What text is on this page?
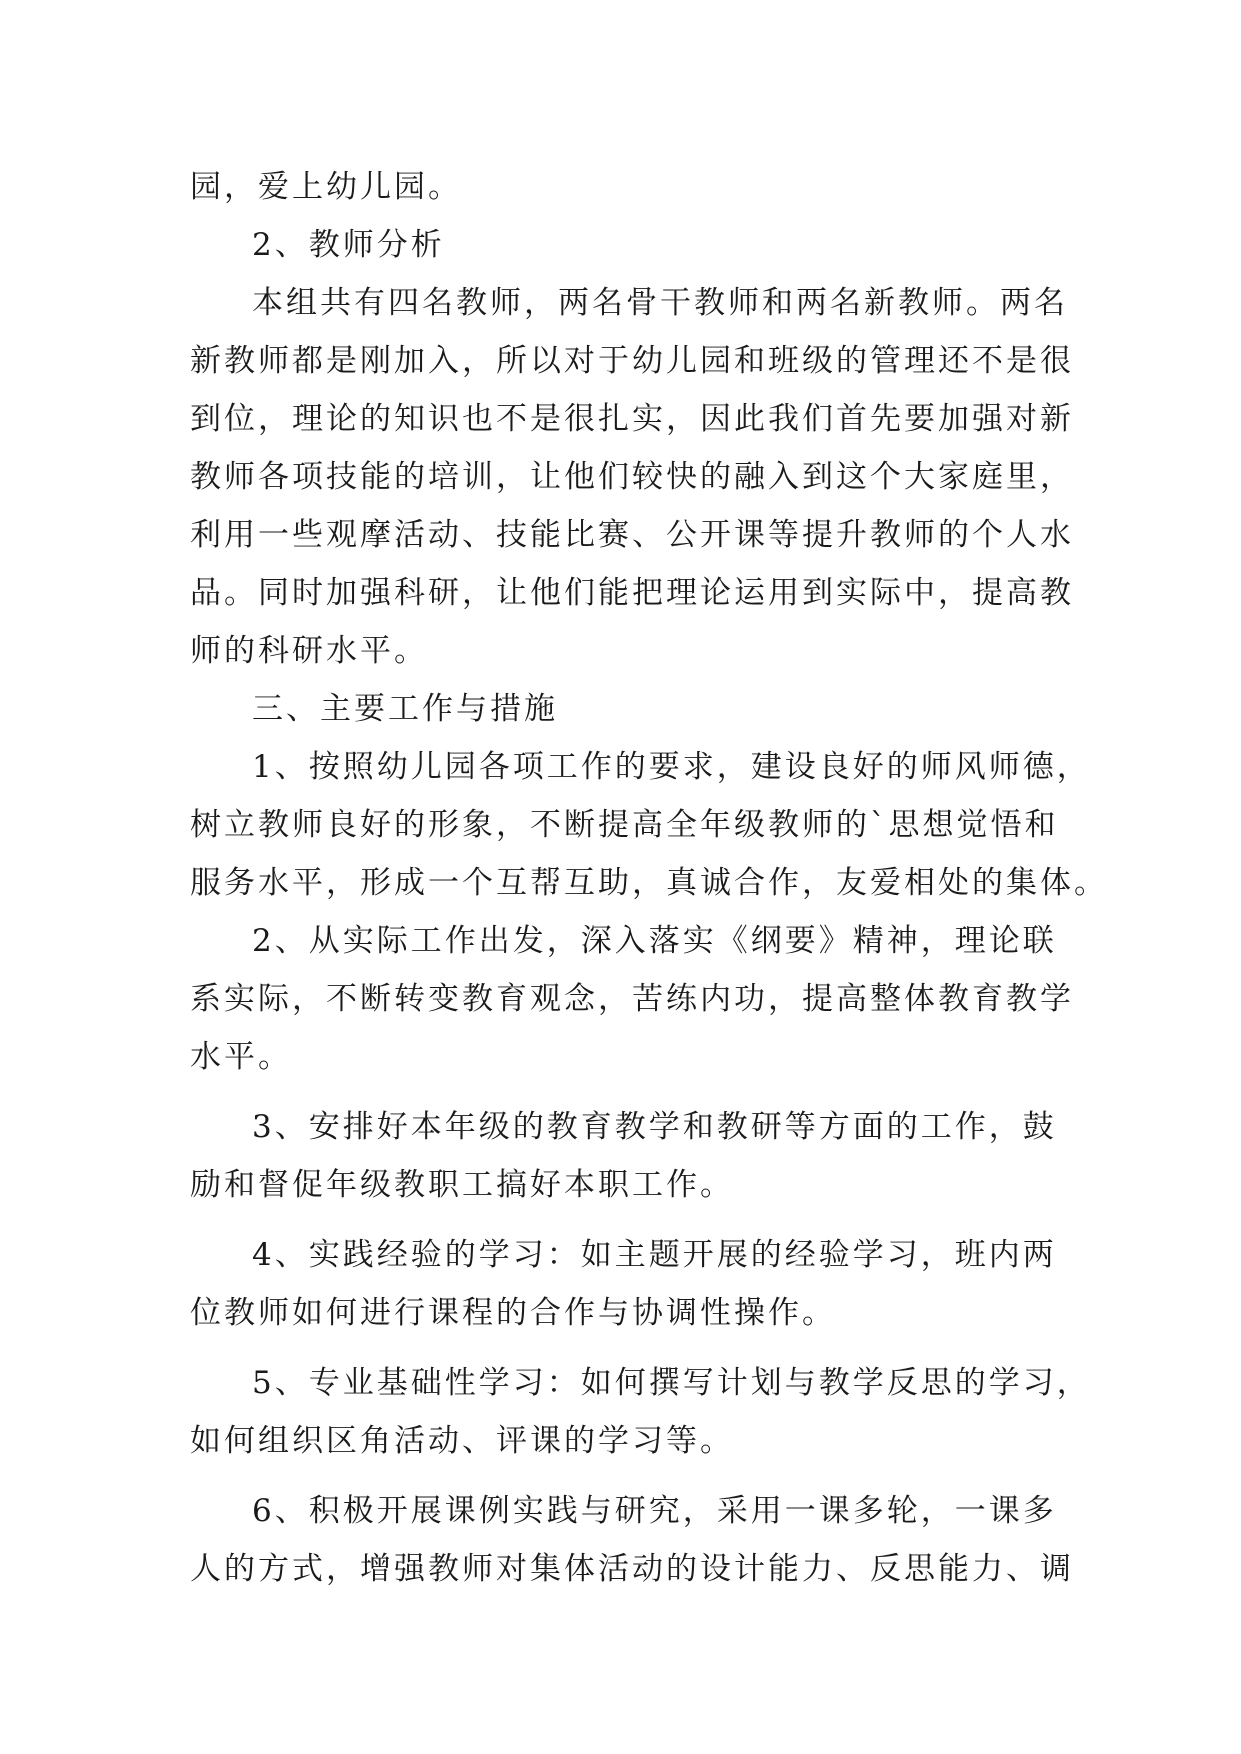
园，爱上幼儿园。
2、教师分析
本组共有四名教师，两名骨干教师和两名新教师。两名
新教师都是刚加入，所以对于幼儿园和班级的管理还不是很
到位，理论的知识也不是很扎实，因此我们首先要加强对新
教师各项技能的培训，让他们较快的融入到这个大家庭里，
利用一些观摩活动、技能比赛、公开课等提升教师的个人水
品。同时加强科研，让他们能把理论运用到实际中，提高教
师的科研水平。
三、主要工作与措施
1、按照幼儿园各项工作的要求，建设良好的师风师德，
树立教师良好的形象，不断提高全年级教师的`思想觉悟和
服务水平，形成一个互帮互助，真诚合作，友爱相处的集体。
2、从实际工作出发，深入落实《纲要》精神，理论联
系实际，不断转变教育观念，苦练内功，提高整体教育教学
水平。
3、安排好本年级的教育教学和教研等方面的工作，鼓
励和督促年级教职工搞好本职工作。
4、实践经验的学习：如主题开展的经验学习，班内两
位教师如何进行课程的合作与协调性操作。
5、专业基础性学习：如何撰写计划与教学反思的学习，
如何组织区角活动、评课的学习等。
6、积极开展课例实践与研究，采用一课多轮，一课多
人的方式，增强教师对集体活动的设计能力、反思能力、调
